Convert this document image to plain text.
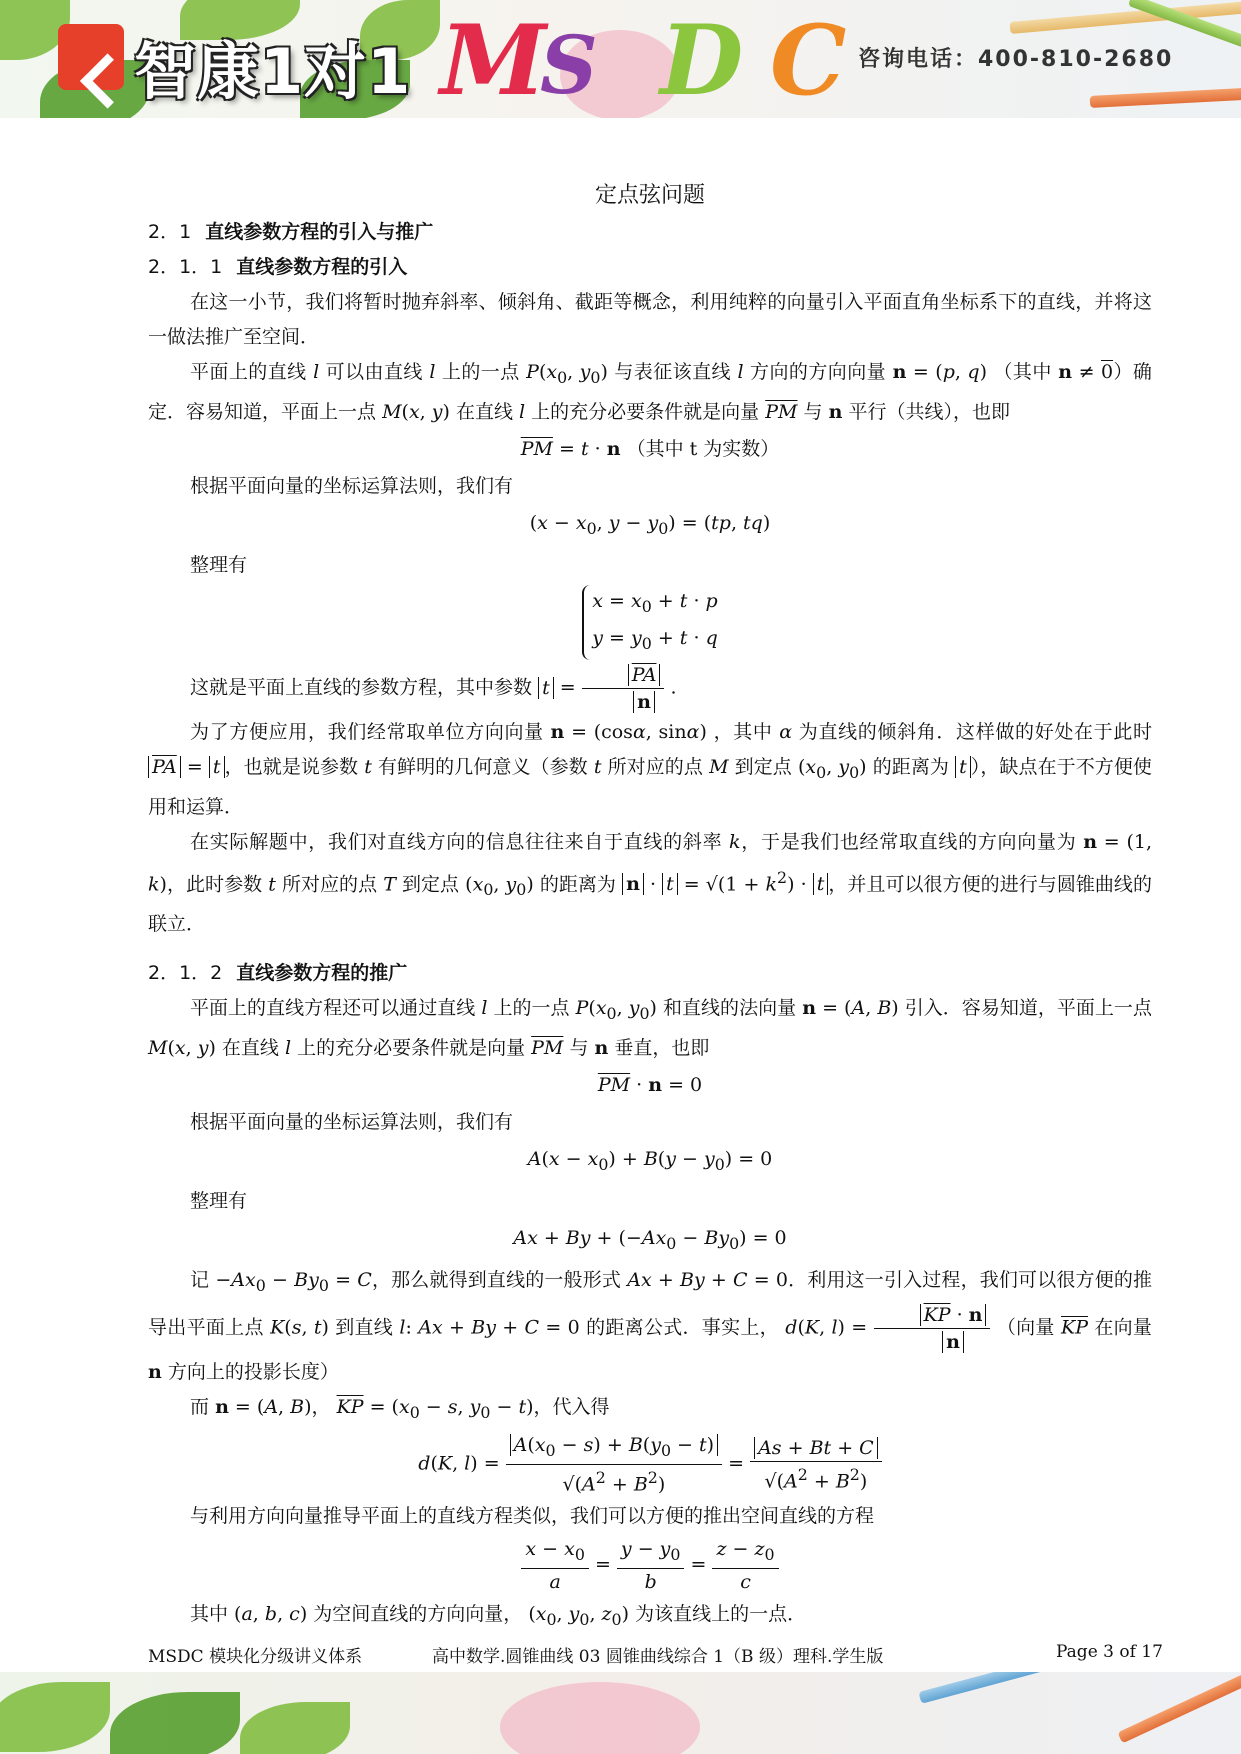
智康1对1 M
S D C 咨询电话：400-810-2680
定点弦问题
2．1 直线参数方程的引入与推广
2．1．1 直线参数方程的引入

在这一小节，我们将暂时抛弃斜率、倾斜角、截距等概念，利用纯粹的向量引入平面直角坐标系下的直线，并将这一做法推广至空间．

平面上的直线 l 可以由直线 l 上的一点 $P(x_0$, $y_0$) 与表征该直线 l 方向的方向向量 n = (p, q) （其中 n ≠ 0）确定．容易知道，平面上一点 M(x, y) 在直线 l 上的充分必要条件就是向量 $\overline{PM}$ 与 n 平行（共线），也即

$\overline{PM} = t \cdot n$ （其中 t 为实数）

根据平面向量的坐标运算法则，我们有

($x - x_0$, $y - y_0) = (tp$, tq)

整理有

$x = x_0 + t \cdot p$
$y = y_0 + t \cdot q$

这就是平面上直线的参数方程，其中参数 $t = \frac{\overline{PA}}{n}$ .

为了方便应用，我们经常取单位方向向量 n = (cosα, sinα) ，其中 α 为直线的倾斜角．这样做的好处在于此时 $\overline{PA} = t$ ，也就是说参数 t 有鲜明的几何意义（参数 t 所对应的点 M 到定点 ($x_0$, $y_0$) 的距离为 t ），缺点在于不方便使用和运算．

在实际解题中，我们对直线方向的信息往往来自于直线的斜率 k，于是我们也经常取直线的方向向量为 n = (1, k)，此时参数 t 所对应的点 T 到定点 ($x_0$, $y_0$) 的距离为 $n \cdot t = √(1 + k^2) \cdot t$ ，并且可以很方便的进行与圆锥曲线的联立．

2．1．2 直线参数方程的推广

平面上的直线方程还可以通过直线 l 上的一点 $P(x_0$, $y_0$) 和直线的法向量 n = (A, B) 引入．容易知道，平面上一点 M(x, y) 在直线 l 上的充分必要条件就是向量 $\overline{PM}$ 与 n 垂直，也即

$\overline{PM} \cdot n = 0$

根据平面向量的坐标运算法则，我们有

$A(x - x_0) + B(y - y_0) = 0$

整理有

$Ax + By + (-Ax_0 - By_0) = 0$

记 $-Ax_0 - By_0 = C$，那么就得到直线的一般形式 Ax + By + C = 0．利用这一引入过程，我们可以很方便的推导出平面上点 K(s, t) 到直线 l: Ax + By + C = 0 的距离公式．事实上， d(K, $l) = \frac{\overline{KP} \cdot n}{n}$ （向量 $\overline{KP}$ 在向量 n 方向上的投影长度）

而 n = (A, B)， $\overline{KP} = (x_0 - s$, $y_0 - t$)，代入得

d(K, $l) = \frac{A(x_0 - s) + B(y_0 - t)}{√(A^2 + B^2)} = \frac{As + Bt + C}{√(A^2 + B^2)}$

与利用方向向量推导平面上的直线方程类似，我们可以方便的推出空间直线的方程

$\frac{x - x_0}{a} = \frac{y - y_0}{b} = \frac{z - z_0}{c}$

其中 (a, b, c) 为空间直线的方向向量， ($x_0$, $y_0$, $z_0$) 为该直线上的一点．

MSDC 模块化分级讲义体系	高中数学.圆锥曲线 03 圆锥曲线综合 1（B 级）理科.学生版	Page 3 of 17
